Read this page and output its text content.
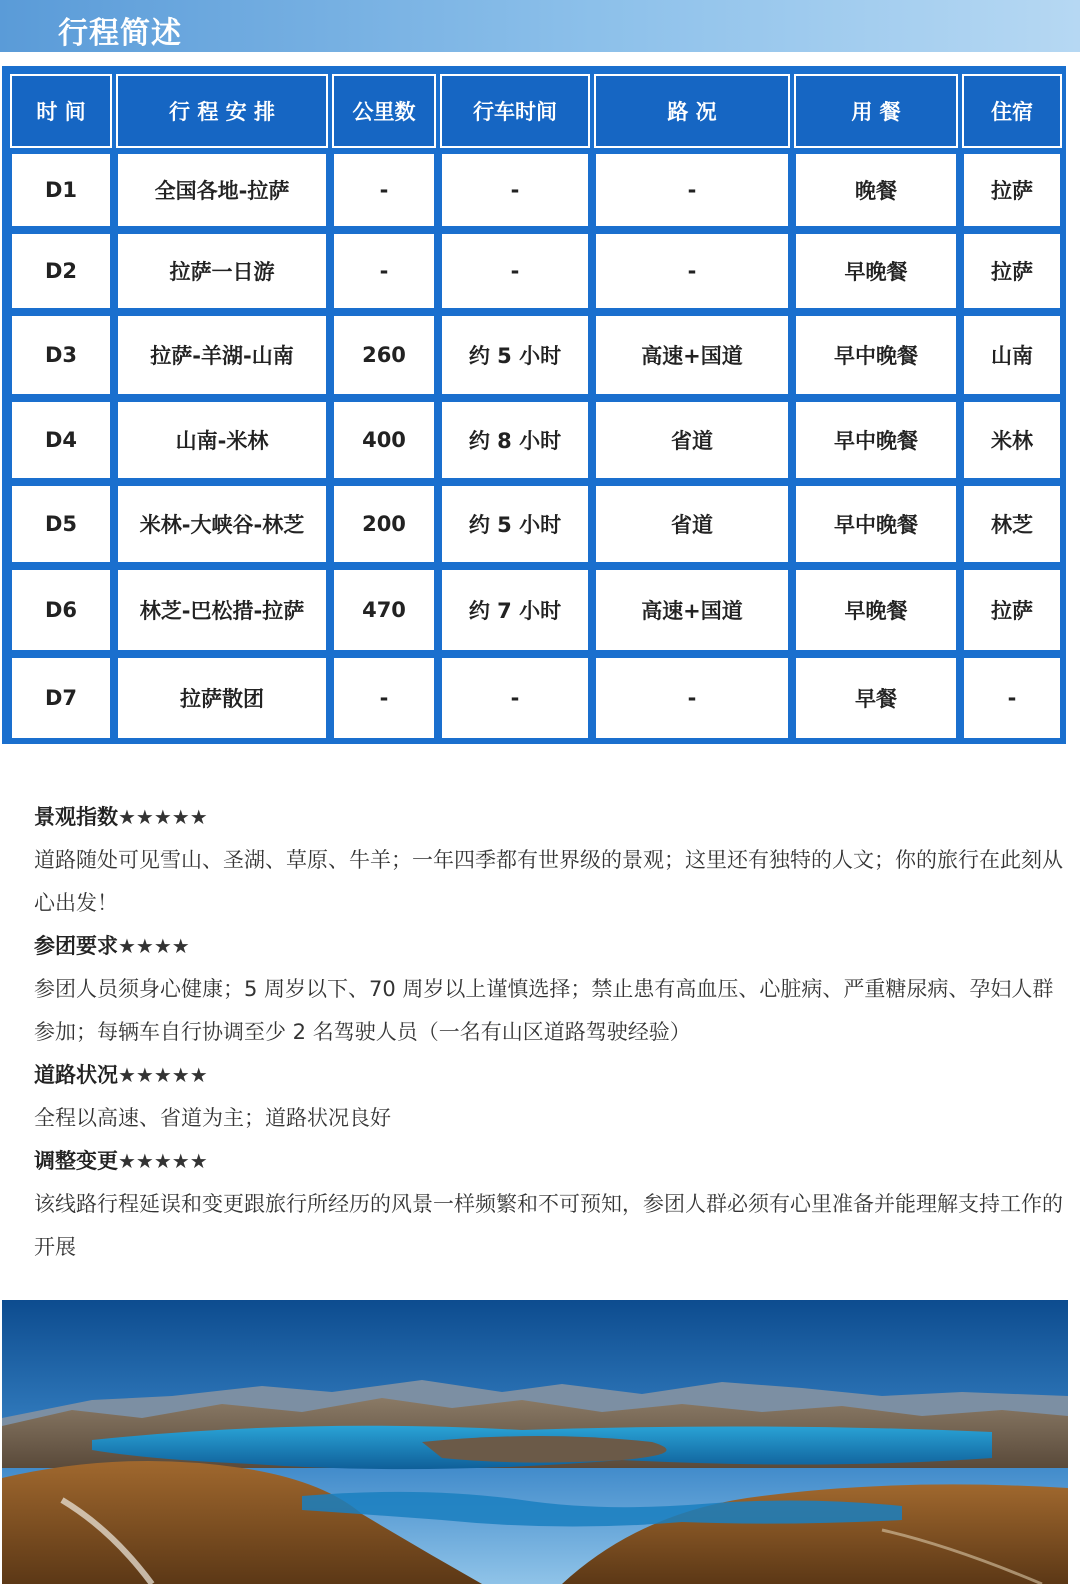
行程简述
时 间	行 程 安 排	公里数	行车时间	路 况	用 餐	住宿
D1	全国各地-拉萨	-	-	-	晚餐	拉萨
D2	拉萨一日游	-	-	-	早晚餐	拉萨
D3	拉萨-羊湖-山南	260	约 5 小时	高速+国道	早中晚餐	山南
D4	山南-米林	400	约 8 小时	省道	早中晚餐	米林
D5	米林-大峡谷-林芝	200	约 5 小时	省道	早中晚餐	林芝
D6	林芝-巴松措-拉萨	470	约 7 小时	高速+国道	早晚餐	拉萨
D7	拉萨散团	-	-	-	早餐	-

景观指数★★★★★

道路随处可见雪山、圣湖、草原、牛羊；一年四季都有世界级的景观；这里还有独特的人文；你的旅行在此刻从心出发！

参团要求★★★★

参团人员须身心健康；5 周岁以下、70 周岁以上谨慎选择；禁止患有高血压、心脏病、严重糖尿病、孕妇人群参加；每辆车自行协调至少 2 名驾驶人员（一名有山区道路驾驶经验）

道路状况★★★★★

全程以高速、省道为主；道路状况良好

调整变更★★★★★

该线路行程延误和变更跟旅行所经历的风景一样频繁和不可预知，参团人群必须有心里准备并能理解支持工作的开展
